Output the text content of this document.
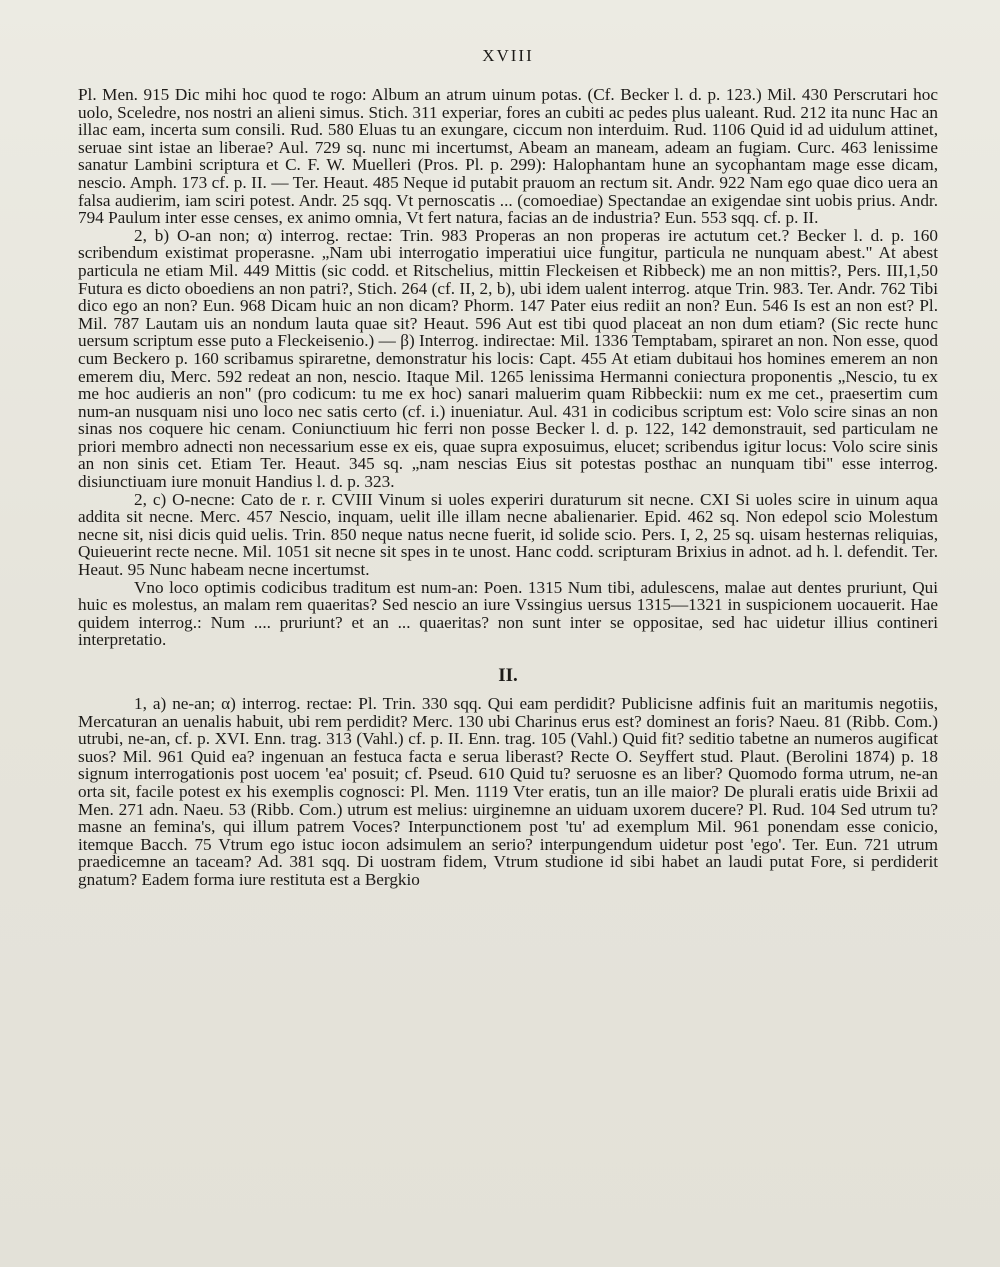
XVIII

Pl. Men. 915 Dic mihi hoc quod te rogo: Album an atrum uinum potas. (Cf. Becker l. d. p. 123.) Mil. 430 Perscrutari hoc uolo, Sceledre, nos nostri an alieni simus. Stich. 311 experiar, fores an cubiti ac pedes plus ualeant. Rud. 212 ita nunc Hac an illac eam, incerta sum consili. Rud. 580 Eluas tu an exungare, ciccum non interduim. Rud. 1106 Quid id ad uidulum attinet, seruae sint istae an liberae? Aul. 729 sq. nunc mi incertumst, Abeam an maneam, adeam an fugiam. Curc. 463 lenissime sanatur Lambini scriptura et C. F. W. Muelleri (Pros. Pl. p. 299): Halophantam hune an sycophantam mage esse dicam, nescio. Amph. 173 cf. p. II. — Ter. Heaut. 485 Neque id putabit prauom an rectum sit. Andr. 922 Nam ego quae dico uera an falsa audierim, iam sciri potest. Andr. 25 sqq. Vt pernoscatis ... (comoediae) Spectandae an exigendae sint uobis prius. Andr. 794 Paulum inter esse censes, ex animo omnia, Vt fert natura, facias an de industria? Eun. 553 sqq. cf. p. II.

2, b) O-an non; α) interrog. rectae: Trin. 983 Properas an non properas ire actutum cet.? Becker l. d. p. 160 scribendum existimat properasne. „Nam ubi interrogatio imperatiui uice fungitur, particula ne nunquam abest." At abest particula ne etiam Mil. 449 Mittis (sic codd. et Ritschelius, mittin Fleckeisen et Ribbeck) me an non mittis?, Pers. III,1,50 Futura es dicto oboediens an non patri?, Stich. 264 (cf. II, 2, b), ubi idem ualent interrog. atque Trin. 983. Ter. Andr. 762 Tibi dico ego an non? Eun. 968 Dicam huic an non dicam? Phorm. 147 Pater eius rediit an non? Eun. 546 Is est an non est? Pl. Mil. 787 Lautam uis an nondum lauta quae sit? Heaut. 596 Aut est tibi quod placeat an non dum etiam? (Sic recte hunc uersum scriptum esse puto a Fleckeisenio.) — β) Interrog. indirectae: Mil. 1336 Temptabam, spiraret an non. Non esse, quod cum Beckero p. 160 scribamus spiraretne, demonstratur his locis: Capt. 455 At etiam dubitaui hos homines emerem an non emerem diu, Merc. 592 redeat an non, nescio. Itaque Mil. 1265 lenissima Hermanni coniectura proponentis „Nescio, tu ex me hoc audieris an non" (pro codicum: tu me ex hoc) sanari maluerim quam Ribbeckii: num ex me cet., praesertim cum num-an nusquam nisi uno loco nec satis certo (cf. i.) inueniatur. Aul. 431 in codicibus scriptum est: Volo scire sinas an non sinas nos coquere hic cenam. Coniunctiuum hic ferri non posse Becker l. d. p. 122, 142 demonstrauit, sed particulam ne priori membro adnecti non necessarium esse ex eis, quae supra exposuimus, elucet; scribendus igitur locus: Volo scire sinis an non sinis cet. Etiam Ter. Heaut. 345 sq. „nam nescias Eius sit potestas posthac an nunquam tibi" esse interrog. disiunctiuam iure monuit Handius l. d. p. 323.

2, c) O-necne: Cato de r. r. CVIII Vinum si uoles experiri duraturum sit necne. CXI Si uoles scire in uinum aqua addita sit necne. Merc. 457 Nescio, inquam, uelit ille illam necne abalienarier. Epid. 462 sq. Non edepol scio Molestum necne sit, nisi dicis quid uelis. Trin. 850 neque natus necne fuerit, id solide scio. Pers. I, 2, 25 sq. uisam hesternas reliquias, Quieuerint recte necne. Mil. 1051 sit necne sit spes in te unost. Hanc codd. scripturam Brixius in adnot. ad h. l. defendit. Ter. Heaut. 95 Nunc habeam necne incertumst.

Vno loco optimis codicibus traditum est num-an: Poen. 1315 Num tibi, adulescens, malae aut dentes pruriunt, Qui huic es molestus, an malam rem quaeritas? Sed nescio an iure Vssingius uersus 1315—1321 in suspicionem uocauerit. Hae quidem interrog.: Num .... pruriunt? et an ... quaeritas? non sunt inter se oppositae, sed hac uidetur illius contineri interpretatio.

II.

1, a) ne-an; α) interrog. rectae: Pl. Trin. 330 sqq. Qui eam perdidit? Publicisne adfinis fuit an maritumis negotiis, Mercaturan an uenalis habuit, ubi rem perdidit? Merc. 130 ubi Charinus erus est? dominest an foris? Naeu. 81 (Ribb. Com.) utrubi, ne-an, cf. p. XVI. Enn. trag. 313 (Vahl.) cf. p. II. Enn. trag. 105 (Vahl.) Quid fit? seditio tabetne an numeros augificat suos? Mil. 961 Quid ea? ingenuan an festuca facta e serua liberast? Recte O. Seyffert stud. Plaut. (Berolini 1874) p. 18 signum interrogationis post uocem 'ea' posuit; cf. Pseud. 610 Quid tu? seruosne es an liber? Quomodo forma utrum, ne-an orta sit, facile potest ex his exemplis cognosci: Pl. Men. 1119 Vter eratis, tun an ille maior? De plurali eratis uide Brixii ad Men. 271 adn. Naeu. 53 (Ribb. Com.) utrum est melius: uirginemne an uiduam uxorem ducere? Pl. Rud. 104 Sed utrum tu? masne an femina's, qui illum patrem Voces? Interpunctionem post 'tu' ad exemplum Mil. 961 ponendam esse conicio, itemque Bacch. 75 Vtrum ego istuc iocon adsimulem an serio? interpungendum uidetur post 'ego'. Ter. Eun. 721 utrum praedicemne an taceam? Ad. 381 sqq. Di uostram fidem, Vtrum studione id sibi habet an laudi putat Fore, si perdiderit gnatum? Eadem forma iure restituta est a Bergkio
